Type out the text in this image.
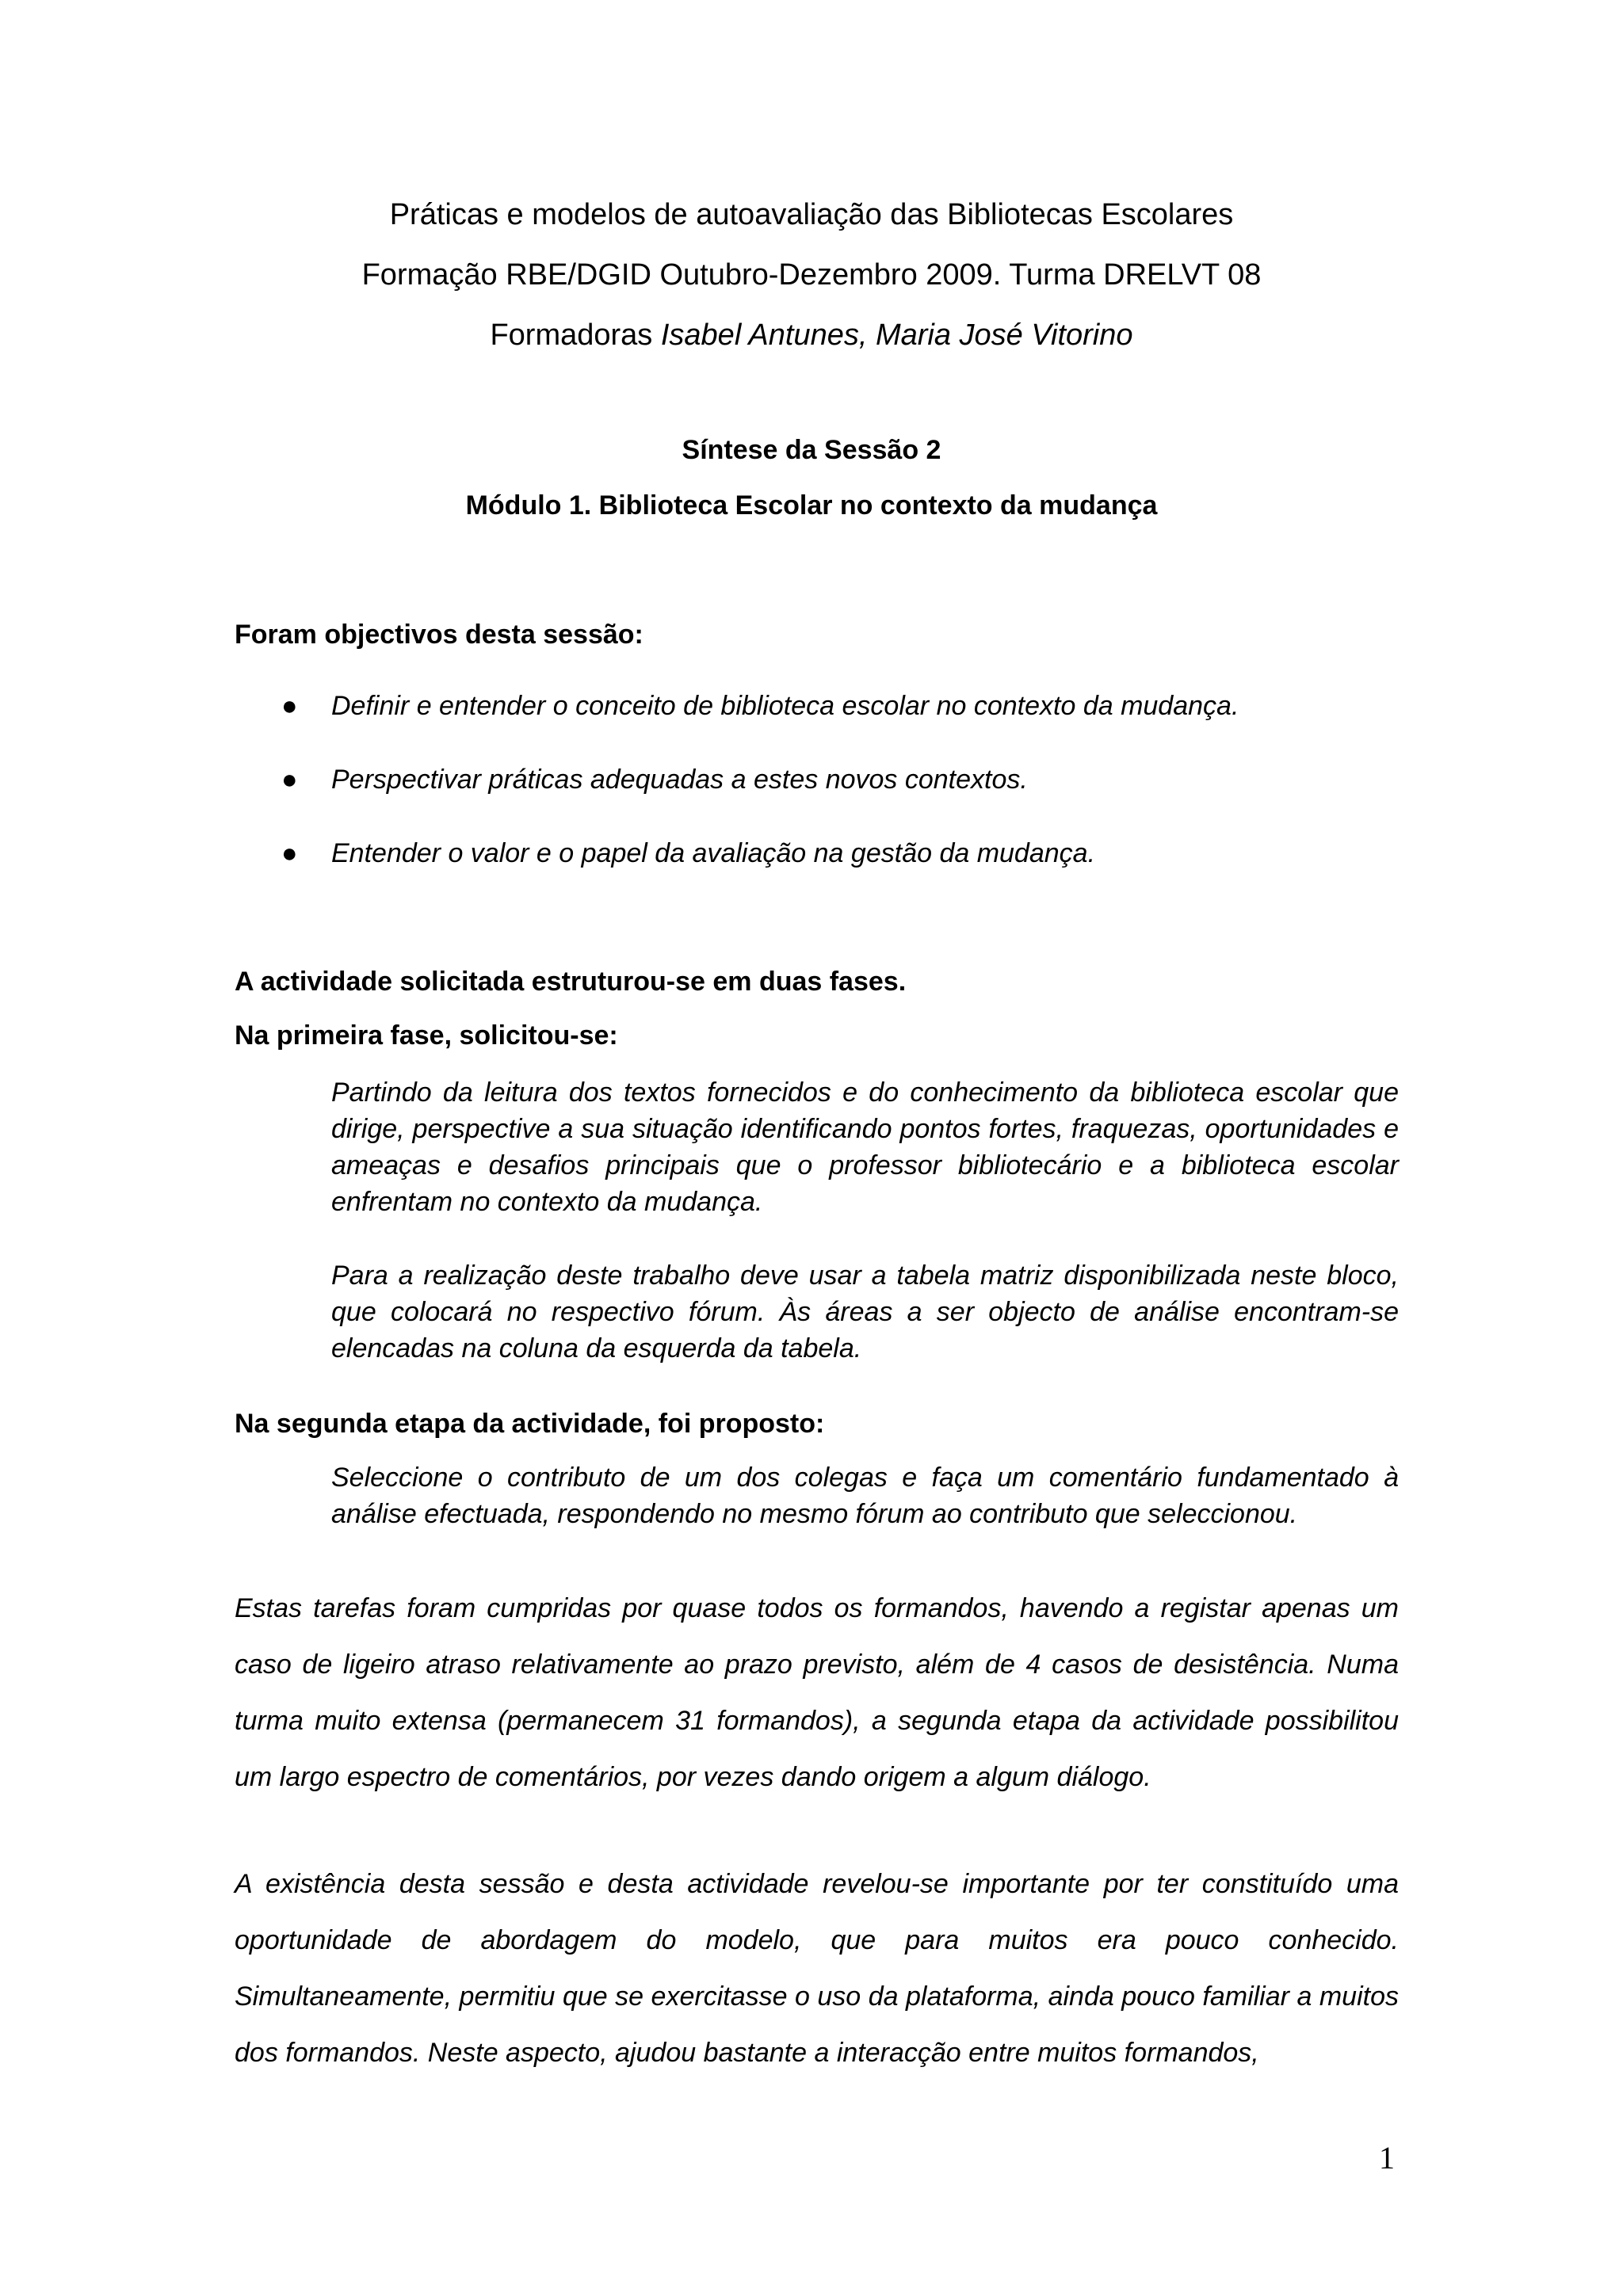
Práticas e modelos de autoavaliação das Bibliotecas Escolares
Formação RBE/DGID Outubro-Dezembro 2009. Turma DRELVT 08
Formadoras Isabel Antunes, Maria José Vitorino
Síntese da Sessão 2
Módulo 1. Biblioteca Escolar no contexto da mudança
Foram objectivos desta sessão:
● Definir e entender o conceito de biblioteca escolar no contexto da mudança.
● Perspectivar práticas adequadas a estes novos contextos.
● Entender o valor e o papel da avaliação na gestão da mudança.
A actividade solicitada estruturou-se em duas fases.
Na primeira fase, solicitou-se:
Partindo da leitura dos textos fornecidos e do conhecimento da biblioteca escolar que dirige, perspective a sua situação identificando pontos fortes, fraquezas, oportunidades e ameaças e desafios principais que o professor bibliotecário e a biblioteca escolar enfrentam no contexto da mudança.
Para a realização deste trabalho deve usar a tabela matriz disponibilizada neste bloco, que colocará no respectivo fórum. Às áreas a ser objecto de análise encontram-se elencadas na coluna da esquerda da tabela.
Na segunda etapa da actividade, foi proposto:
Seleccione o contributo de um dos colegas e faça um comentário fundamentado à análise efectuada, respondendo no mesmo fórum ao contributo que seleccionou.
Estas tarefas foram cumpridas por quase todos os formandos, havendo a registar apenas um caso de ligeiro atraso relativamente ao prazo previsto, além de 4 casos de desistência. Numa turma muito extensa (permanecem 31 formandos), a segunda etapa da actividade possibilitou um largo espectro de comentários, por vezes dando origem a algum diálogo.
A existência desta sessão e desta actividade revelou-se importante por ter constituído uma oportunidade de abordagem do modelo, que para muitos era pouco conhecido. Simultaneamente, permitiu que se exercitasse o uso da plataforma, ainda pouco familiar a muitos dos formandos. Neste aspecto, ajudou bastante a interacção entre muitos formandos,
1
